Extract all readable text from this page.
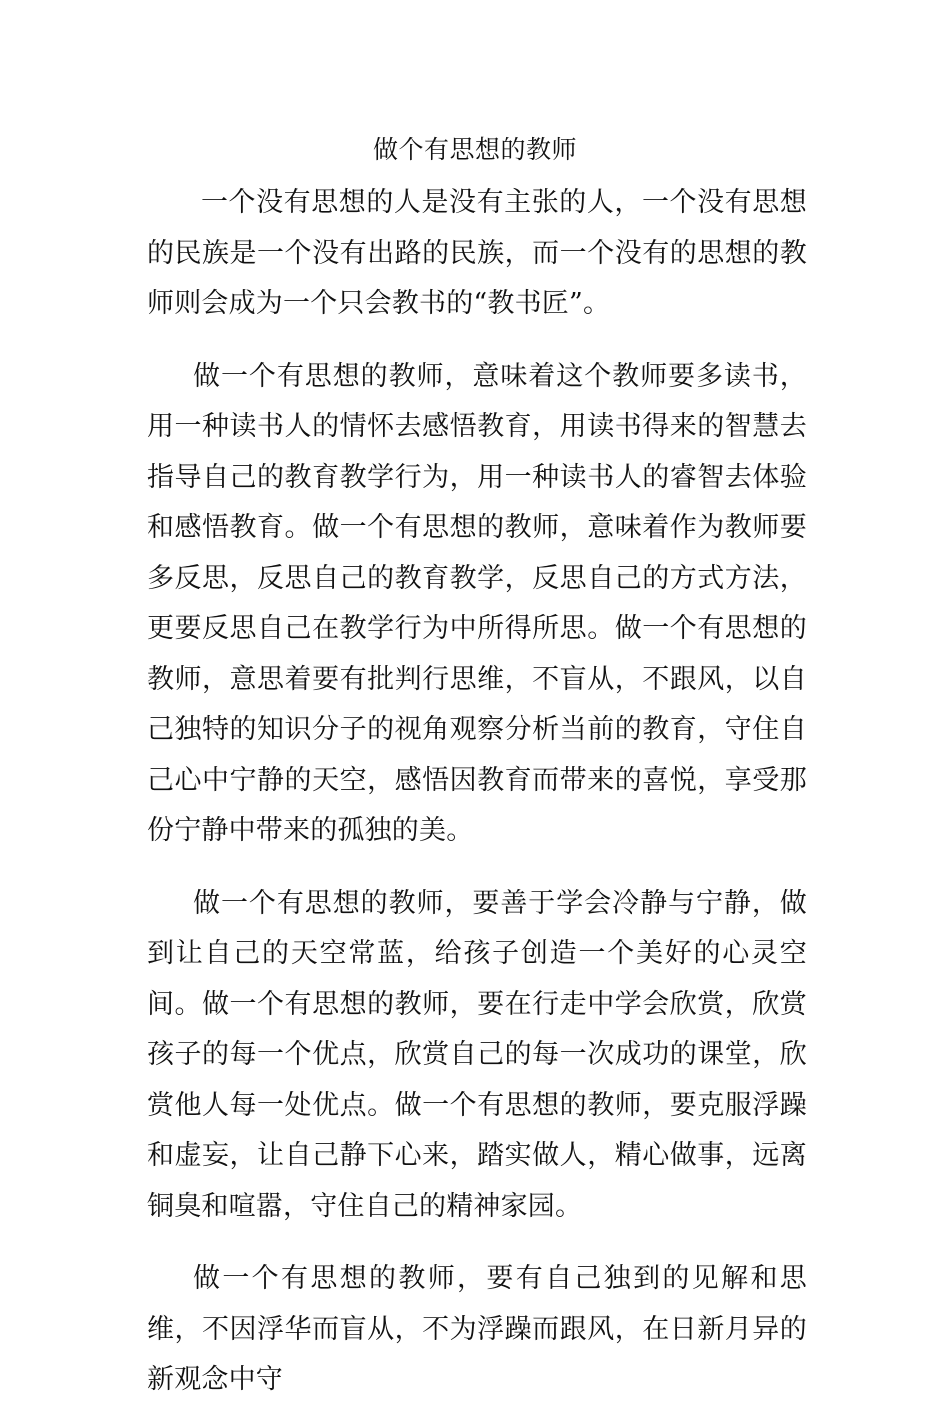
做个有思想的教师

一个没有思想的人是没有主张的人，一个没有思想的民族是一个没有出路的民族，而一个没有的思想的教师则会成为一个只会教书的“教书匠”。

做一个有思想的教师，意味着这个教师要多读书，用一种读书人的情怀去感悟教育，用读书得来的智慧去指导自己的教育教学行为，用一种读书人的睿智去体验和感悟教育。做一个有思想的教师，意味着作为教师要多反思，反思自己的教育教学，反思自己的方式方法，更要反思自己在教学行为中所得所思。做一个有思想的教师，意思着要有批判行思维，不盲从，不跟风，以自己独特的知识分子的视角观察分析当前的教育，守住自己心中宁静的天空，感悟因教育而带来的喜悦，享受那份宁静中带来的孤独的美。

做一个有思想的教师，要善于学会冷静与宁静，做到让自己的天空常蓝，给孩子创造一个美好的心灵空间。做一个有思想的教师，要在行走中学会欣赏，欣赏孩子的每一个优点，欣赏自己的每一次成功的课堂，欣赏他人每一处优点。做一个有思想的教师，要克服浮躁和虚妄，让自己静下心来，踏实做人，精心做事，远离铜臭和喧嚣，守住自己的精神家园。

做一个有思想的教师，要有自己独到的见解和思维，不因浮华而盲从，不为浮躁而跟风，在日新月异的新观念中守
